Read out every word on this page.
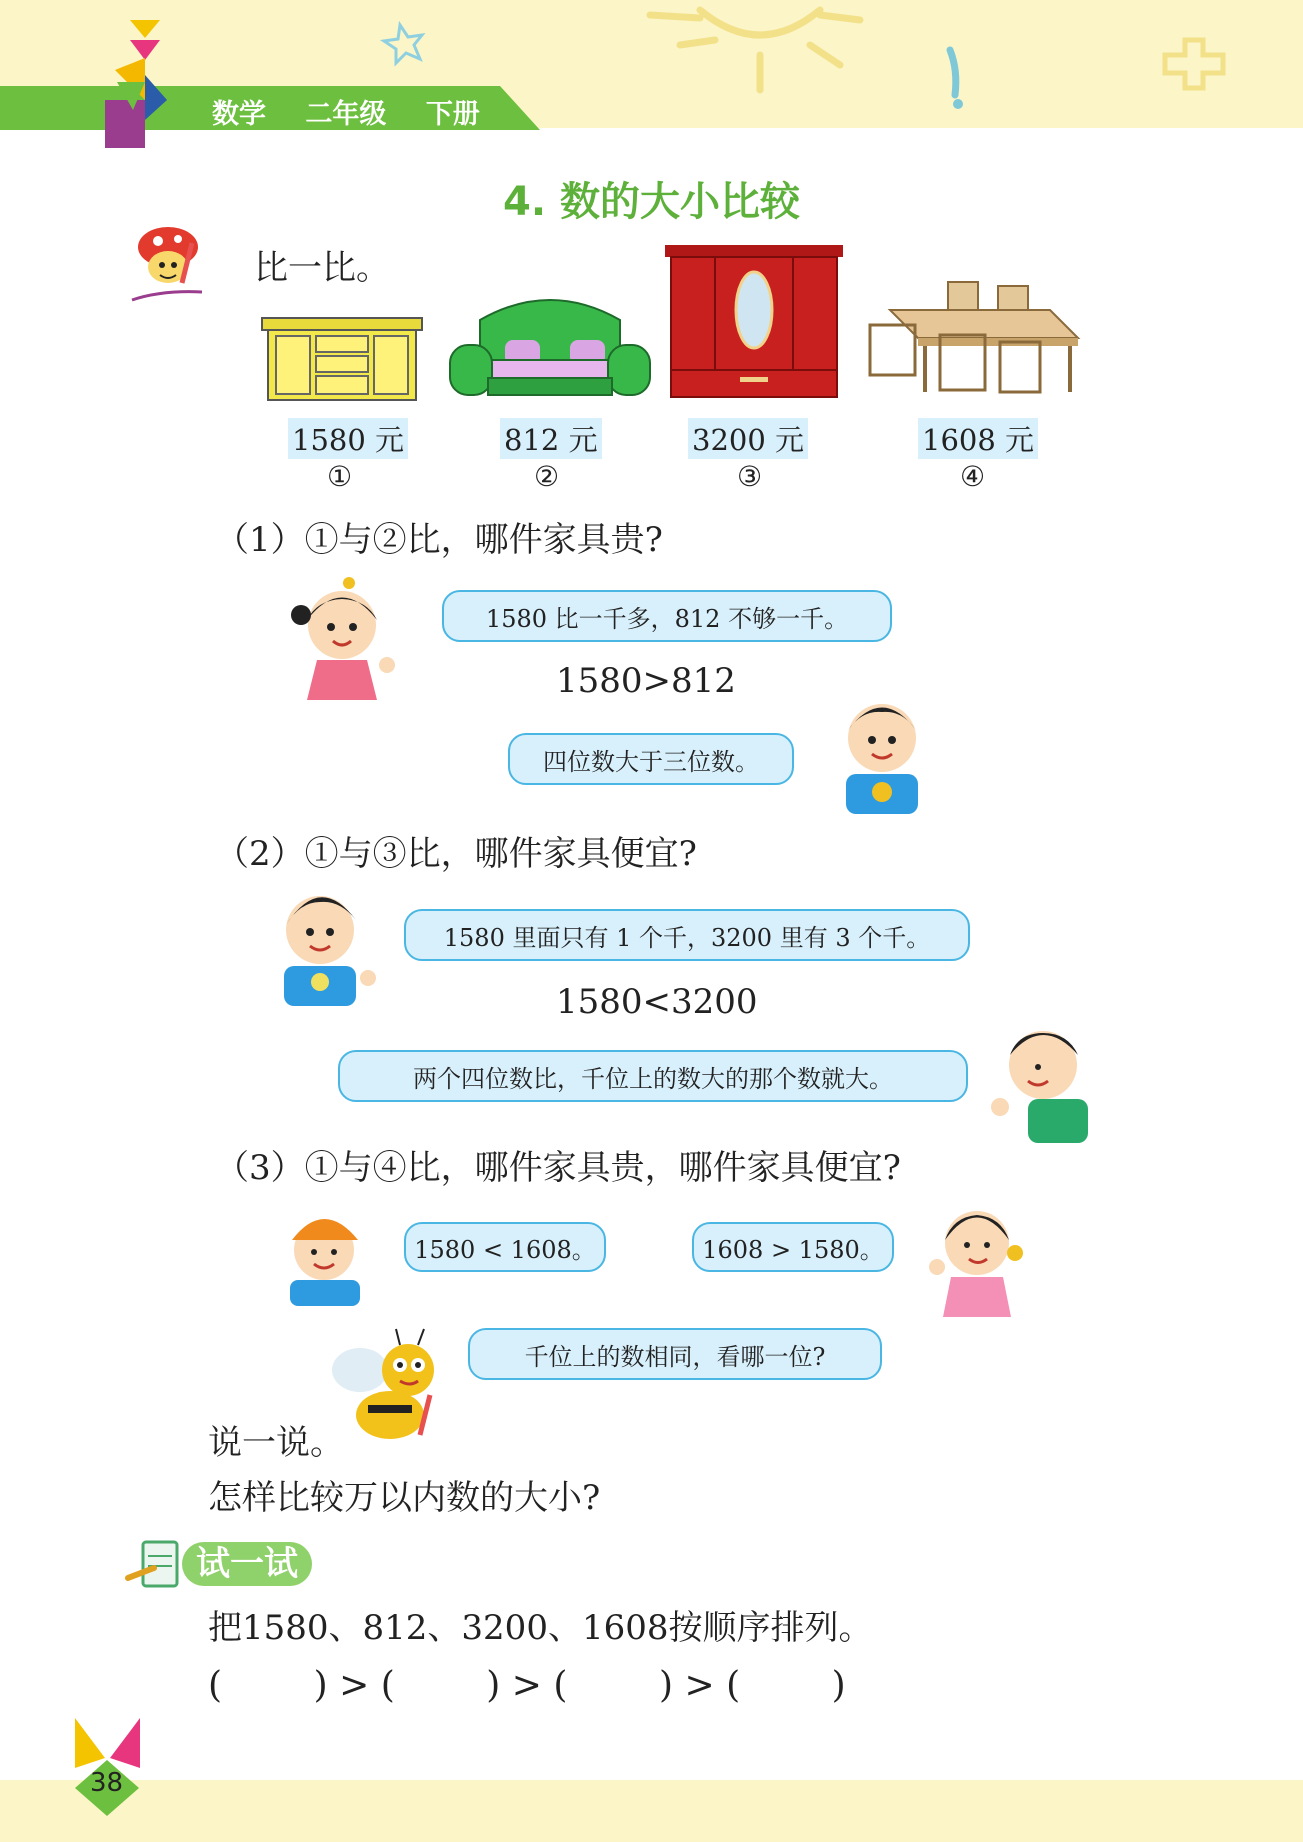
数学 二年级 下册
4. 数的大小比较
比一比。
1580 元	812 元	3200 元	1608 元
①	②	③	④
（1）①与②比，哪件家具贵?
1580 比一千多，812 不够一千。
1580>812
四位数大于三位数。
（2）①与③比，哪件家具便宜?
1580 里面只有 1 个千，3200 里有 3 个千。
1580<3200
两个四位数比，千位上的数大的那个数就大。
（3）①与④比，哪件家具贵，哪件家具便宜?
1580 < 1608。	1608 > 1580。
千位上的数相同，看哪一位?
说一说。
怎样比较万以内数的大小?
试一试
把1580、812、3200、1608按顺序排列。
(        ) > (        ) > (        ) > (        )
38
